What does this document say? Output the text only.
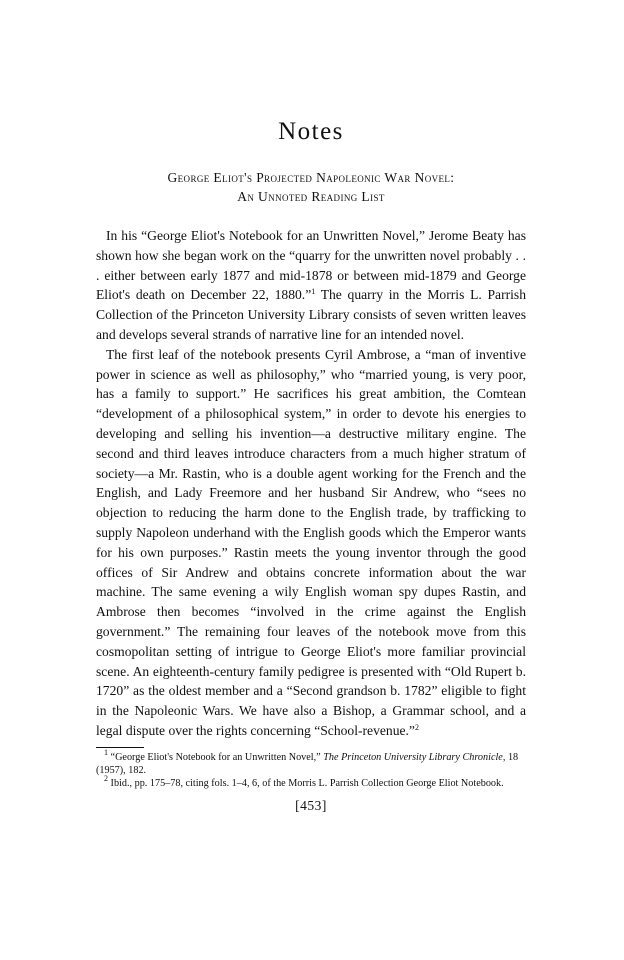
Notes
George Eliot's Projected Napoleonic War Novel:
An Unnoted Reading List

In his “George Eliot's Notebook for an Unwritten Novel,” Jerome Beaty has shown how she began work on the “quarry for the unwritten novel probably . . . either between early 1877 and mid-1878 or between mid-1879 and George Eliot's death on December 22, 1880.”$^1$ The quarry in the Morris L. Parrish Collection of the Princeton University Library consists of seven written leaves and develops several strands of narrative line for an intended novel.

The first leaf of the notebook presents Cyril Ambrose, a “man of inventive power in science as well as philosophy,” who “married young, is very poor, has a family to support.” He sacrifices his great ambition, the Comtean “development of a philosophical system,” in order to devote his energies to developing and selling his invention—a destructive military engine. The second and third leaves introduce characters from a much higher stratum of society—a Mr. Rastin, who is a double agent working for the French and the English, and Lady Freemore and her husband Sir Andrew, who “sees no objection to reducing the harm done to the English trade, by trafficking to supply Napoleon underhand with the English goods which the Emperor wants for his own purposes.” Rastin meets the young inventor through the good offices of Sir Andrew and obtains concrete information about the war machine. The same evening a wily English woman spy dupes Rastin, and Ambrose then becomes “involved in the crime against the English government.” The remaining four leaves of the notebook move from this cosmopolitan setting of intrigue to George Eliot's more familiar provincial scene. An eighteenth-century family pedigree is presented with “Old Rupert b. 1720” as the oldest member and a “Second grandson b. 1782” eligible to fight in the Napoleonic Wars. We have also a Bishop, a Grammar school, and a legal dispute over the rights concerning “School-revenue.”$^2$

$^1$ “George Eliot's Notebook for an Unwritten Novel,” The Princeton University Library Chronicle, 18 (1957), 182.

$^2$ Ibid., pp. 175–78, citing fols. 1–4, 6, of the Morris L. Parrish Collection George Eliot Notebook.

[453]
